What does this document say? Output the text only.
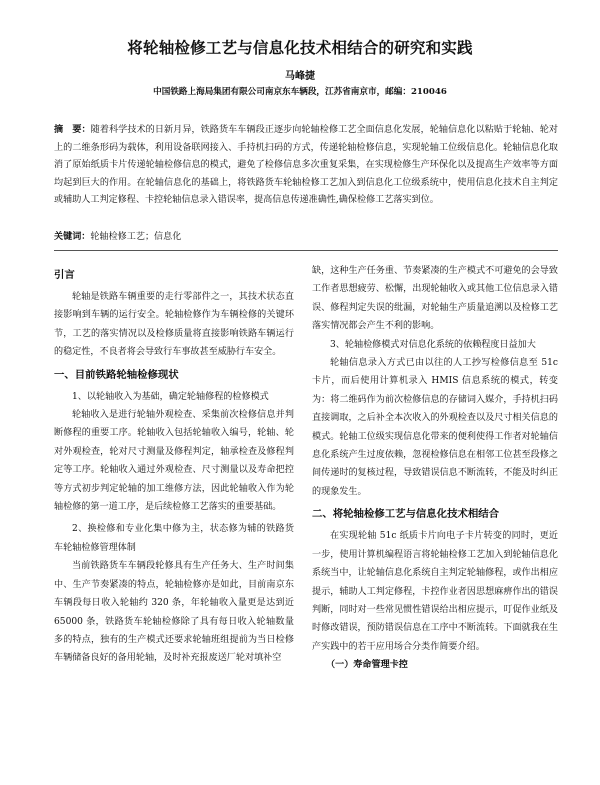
将轮轴检修工艺与信息化技术相结合的研究和实践
马峰捷
中国铁路上海局集团有限公司南京东车辆段，江苏省南京市，邮编：210046
摘　要：随着科学技术的日新月异，铁路货车车辆段正逐步向轮轴检修工艺全面信息化发展，轮轴信息化以粘贴于轮轴、轮对上的二维条形码为载体，利用设备联网接入、手持机扫码的方式，传递轮轴检修信息，实现轮轴工位级信息化。轮轴信息化取消了原始纸质卡片传递轮轴检修信息的模式，避免了检修信息多次重复采集，在实现检修生产环保化以及提高生产效率等方面均起到巨大的作用。在轮轴信息化的基础上，将铁路货车轮轴检修工艺加入到信息化工位级系统中，使用信息化技术自主判定或辅助人工判定修程、卡控轮轴信息录入错误率，提高信息传递准确性,确保检修工艺落实到位。
关键词：轮轴检修工艺；信息化

引言

轮轴是铁路车辆重要的走行零部件之一，其技术状态直接影响到车辆的运行安全。轮轴检修作为车辆检修的关键环节，工艺的落实情况以及检修质量将直接影响铁路车辆运行的稳定性，不良者将会导致行车事故甚至威胁行车安全。

一、目前铁路轮轴检修现状

1、以轮轴收入为基础，确定轮轴修程的检修模式

轮轴收入是进行轮轴外观检查、采集前次检修信息并判断修程的重要工序。轮轴收入包括轮轴收入编号，轮轴、轮对外观检查，轮对尺寸测量及修程判定，轴承检查及修程判定等工序。轮轴收入通过外观检查、尺寸测量以及寿命把控等方式初步判定轮轴的加工维修方法，因此轮轴收入作为轮轴检修的第一道工序，是后续检修工艺落实的重要基础。

2、换检修和专业化集中修为主，状态修为辅的铁路货车轮轴检修管理体制

当前铁路货车车辆段轮修具有生产任务大、生产时间集中、生产节奏紧凑的特点，轮轴检修亦是如此，目前南京东车辆段每日收入轮轴约 320 条，年轮轴收入量更是达到近 65000 条，铁路货车轮轴检修除了具有每日收入轮轴数量多的特点，独有的生产模式还要求轮轴班组提前为当日检修车辆储备良好的备用轮轴，及时补充报废送厂轮对填补空

缺，这种生产任务重、节奏紧凑的生产模式不可避免的会导致工作者思想疲劳、松懈，出现轮轴收入或其他工位信息录入错误、修程判定失误的纰漏，对轮轴生产质量追溯以及检修工艺落实情况都会产生不利的影响。

3、轮轴检修模式对信息化系统的依赖程度日益加大

轮轴信息录入方式已由以往的人工抄写检修信息至 51c 卡片，而后使用计算机录入 HMIS 信息系统的模式，转变为：将二维码作为前次检修信息的存储词入媒介，手持机扫码直接调取，之后补全本次收入的外观检查以及尺寸相关信息的模式。轮轴工位级实现信息化带来的便利使得工作者对轮轴信息化系统产生过度依赖，忽视检修信息在相邻工位甚至段修之间传递时的复核过程，导致错误信息不断流转，不能及时纠正的现象发生。

二、将轮轴检修工艺与信息化技术相结合

在实现轮轴 51c 纸质卡片向电子卡片转变的同时，更近一步，使用计算机编程语言将轮轴检修工艺加入到轮轴信息化系统当中，让轮轴信息化系统自主判定轮轴修程，或作出相应提示，辅助人工判定修程，卡控作业者因思想麻痹作出的错误判断，同时对一些常见惯性错误给出相应提示，叮促作业纸及时修改错误，预防错误信息在工序中不断流转。下面就我在生产实践中的若干应用场合分类作简要介绍。

（一）寿命管理卡控
